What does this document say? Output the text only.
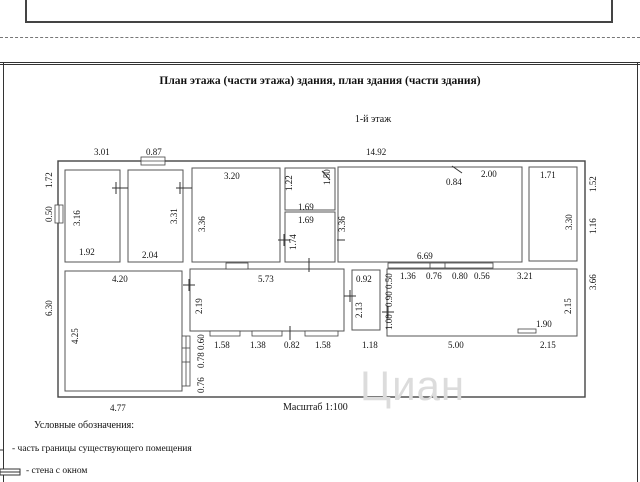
План этажа (части этажа) здания, план здания (части здания)
1-й этаж
3.01	0.87	14.92
1.72
0.50
6.30
1.52
1.16
3.66
4.77
3.16
1.92
3.31
2.04
3.20
3.36
1.22	1.50
1.69
1.69
1.74
3.36
0.84
2.00
6.69
1.71
3.30
4.20
4.25
5.73
2.19
1.58 1.38 0.82 1.58
0.92
2.13
1.00
0.90
0.50 1.36 0.76 0.80 0.56	3.21
2.15
1.90
1.18	5.00	2.15
0.78
0.60
0.76	Циан
Масштаб 1:100
Условные обозначения:
- часть границы существующего помещения
- стена с окном
